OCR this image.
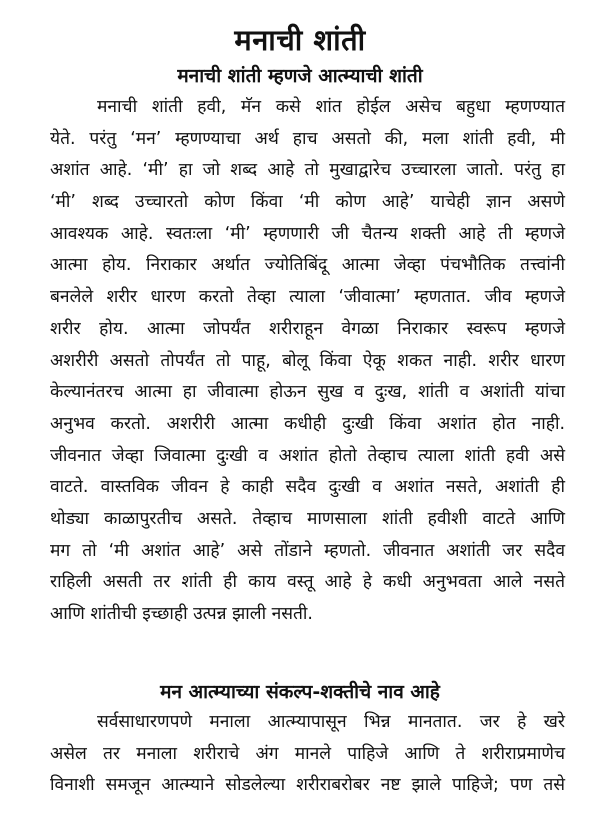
मनाची शांती
मनाची शांती म्हणजे आत्म्याची शांती
मनाची शांती हवी, मॅन कसे शांत होईल असेच बहुधा म्हणण्यात
येते. परंतु ‘मन’ म्हणण्याचा अर्थ हाच असतो की, मला शांती हवी, मी
अशांत आहे. ‘मी’ हा जो शब्द आहे तो मुखाद्वारेच उच्चारला जातो. परंतु हा
‘मी’ शब्द उच्चारतो कोण किंवा ‘मी कोण आहे’ याचेही ज्ञान असणे
आवश्यक आहे. स्वतःला ‘मी’ म्हणणारी जी चैतन्य शक्ती आहे ती म्हणजे
आत्मा होय. निराकार अर्थात ज्योतिबिंदू आत्मा जेव्हा पंचभौतिक तत्त्वांनी
बनलेले शरीर धारण करतो तेव्हा त्याला ‘जीवात्मा’ म्हणतात. जीव म्हणजे
शरीर होय. आत्मा जोपर्यंत शरीराहून वेगळा निराकार स्वरूप म्हणजे
अशरीरी असतो तोपर्यंत तो पाहू, बोलू किंवा ऐकू शकत नाही. शरीर धारण
केल्यानंतरच आत्मा हा जीवात्मा होऊन सुख व दुःख, शांती व अशांती यांचा
अनुभव करतो. अशरीरी आत्मा कधीही दुःखी किंवा अशांत होत नाही.
जीवनात जेव्हा जिवात्मा दुःखी व अशांत होतो तेव्हाच त्याला शांती हवी असे
वाटते. वास्तविक जीवन हे काही सदैव दुःखी व अशांत नसते, अशांती ही
थोड्या काळापुरतीच असते. तेव्हाच माणसाला शांती हवीशी वाटते आणि
मग तो ‘मी अशांत आहे’ असे तोंडाने म्हणतो. जीवनात अशांती जर सदैव
राहिली असती तर शांती ही काय वस्तू आहे हे कधी अनुभवता आले नसते
आणि शांतीची इच्छाही उत्पन्न झाली नसती.
मन आत्म्याच्या संकल्प-शक्तीचे नाव आहे
सर्वसाधारणपणे मनाला आत्म्यापासून भिन्न मानतात. जर हे खरे
असेल तर मनाला शरीराचे अंग मानले पाहिजे आणि ते शरीराप्रमाणेच
विनाशी समजून आत्म्याने सोडलेल्या शरीराबरोबर नष्ट झाले पाहिजे; पण तसे
